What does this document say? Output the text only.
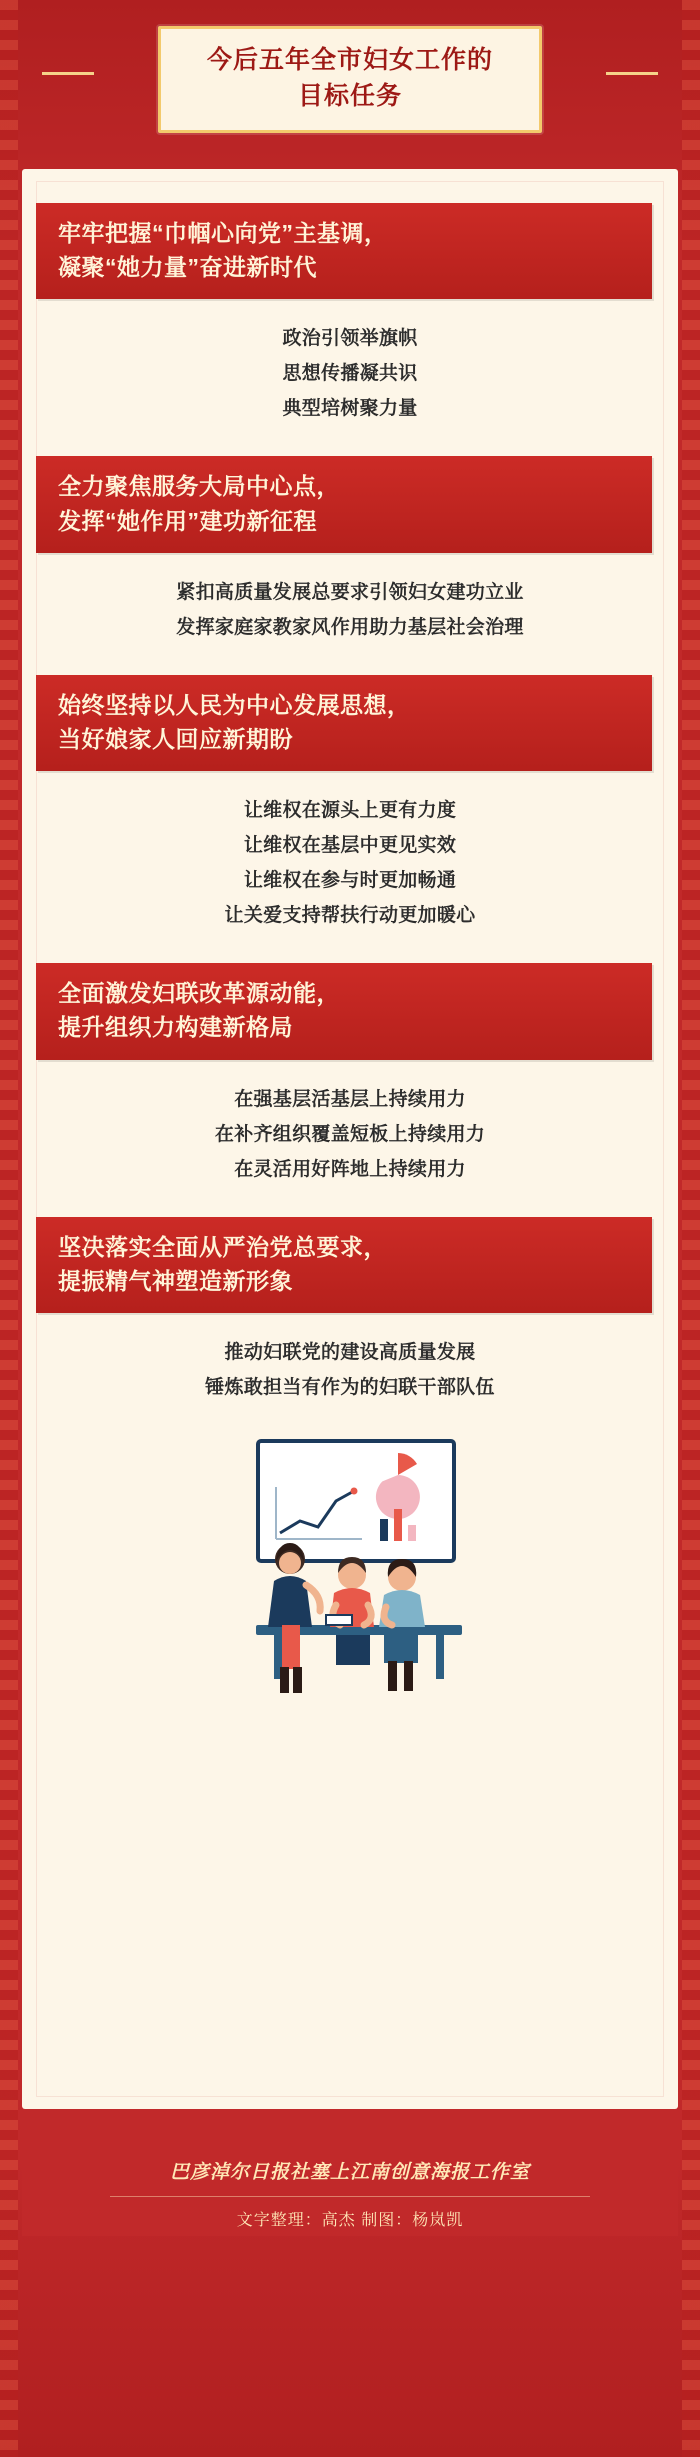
今后五年全市妇女工作的
目标任务
牢牢把握“巾帼心向党”主基调，
凝聚“她力量”奋进新时代
政治引领举旗帜
思想传播凝共识
典型培树聚力量
全力聚焦服务大局中心点，
发挥“她作用”建功新征程
紧扣高质量发展总要求引领妇女建功立业
发挥家庭家教家风作用助力基层社会治理
始终坚持以人民为中心发展思想，
当好娘家人回应新期盼
让维权在源头上更有力度
让维权在基层中更见实效
让维权在参与时更加畅通
让关爱支持帮扶行动更加暖心
全面激发妇联改革源动能，
提升组织力构建新格局
在强基层活基层上持续用力
在补齐组织覆盖短板上持续用力
在灵活用好阵地上持续用力
坚决落实全面从严治党总要求，
提振精气神塑造新形象
推动妇联党的建设高质量发展
锤炼敢担当有作为的妇联干部队伍
巴彦淖尔日报社塞上江南创意海报工作室
文字整理：高杰 制图：杨岚凯
